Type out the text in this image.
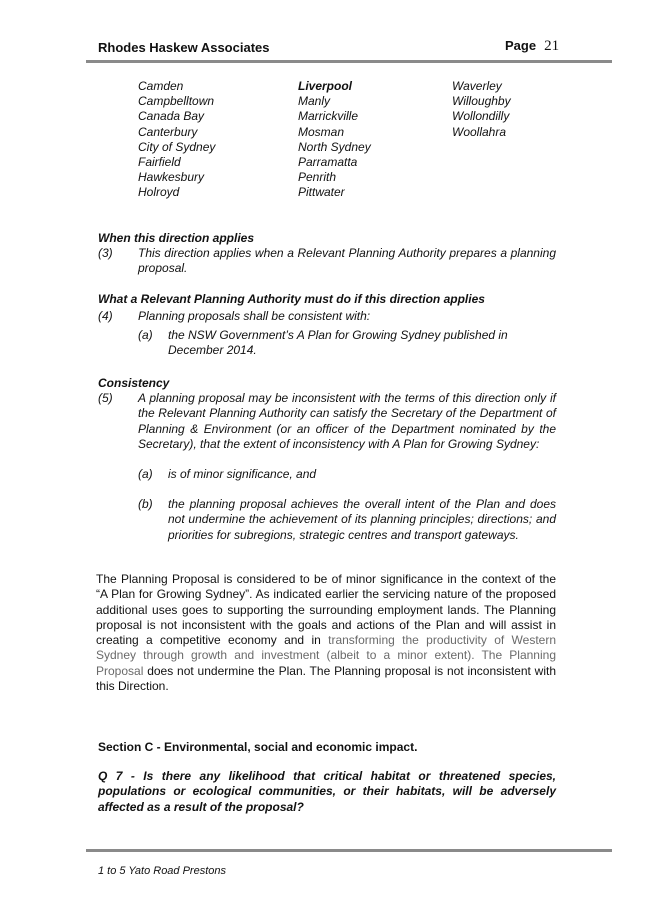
Rhodes Haskew Associates	Page 21
Camden
Campbelltown
Canada Bay
Canterbury
City of Sydney
Fairfield
Hawkesbury
Holroyd
Liverpool
Manly
Marrickville
Mosman
North Sydney
Parramatta
Penrith
Pittwater
Waverley
Willoughby
Wollondilly
Woollahra
When this direction applies
(3) This direction applies when a Relevant Planning Authority prepares a planning proposal.
What a Relevant Planning Authority must do if this direction applies
(4) Planning proposals shall be consistent with:
(a) the NSW Government’s A Plan for Growing Sydney published in December 2014.
Consistency
(5) A planning proposal may be inconsistent with the terms of this direction only if the Relevant Planning Authority can satisfy the Secretary of the Department of Planning & Environment (or an officer of the Department nominated by the Secretary), that the extent of inconsistency with A Plan for Growing Sydney:
(a) is of minor significance, and
(b) the planning proposal achieves the overall intent of the Plan and does not undermine the achievement of its planning principles; directions; and priorities for subregions, strategic centres and transport gateways.
The Planning Proposal is considered to be of minor significance in the context of the “A Plan for Growing Sydney”. As indicated earlier the servicing nature of the proposed additional uses goes to supporting the surrounding employment lands. The Planning proposal is not inconsistent with the goals and actions of the Plan and will assist in creating a competitive economy and in transforming the productivity of Western Sydney through growth and investment (albeit to a minor extent). The Planning Proposal does not undermine the Plan. The Planning proposal is not inconsistent with this Direction.
Section C - Environmental, social and economic impact.
Q 7 - Is there any likelihood that critical habitat or threatened species, populations or ecological communities, or their habitats, will be adversely affected as a result of the proposal?
1 to 5 Yato Road Prestons
